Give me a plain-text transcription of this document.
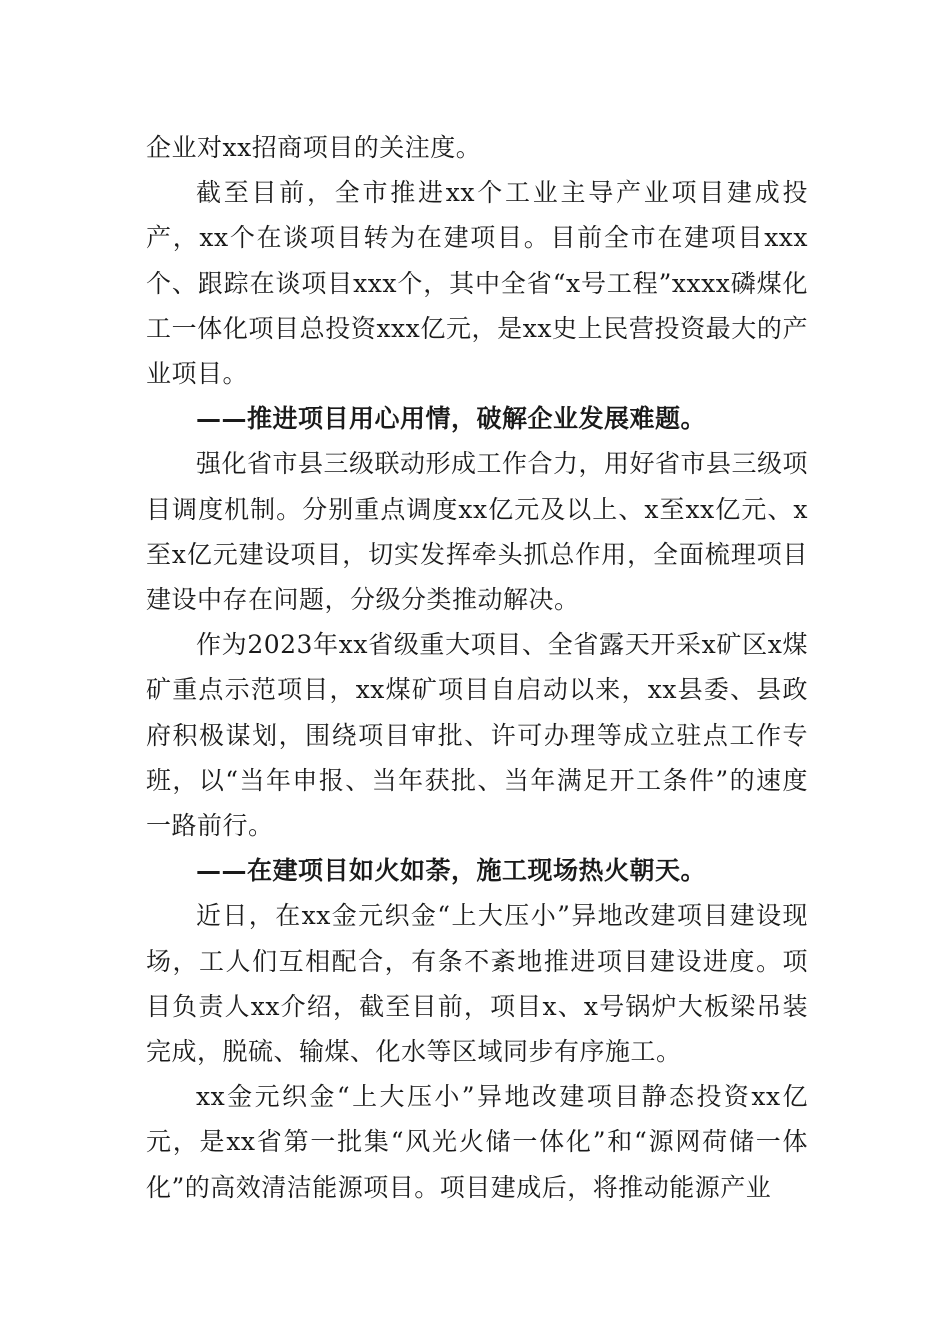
企业对xx招商项目的关注度。

截至目前，全市推进xx个工业主导产业项目建成投产，xx个在谈项目转为在建项目。目前全市在建项目xxx个、跟踪在谈项目xxx个，其中全省“x号工程”xxxx磷煤化工一体化项目总投资xxx亿元，是xx史上民营投资最大的产业项目。

——推进项目用心用情，破解企业发展难题。

强化省市县三级联动形成工作合力，用好省市县三级项目调度机制。分别重点调度xx亿元及以上、x至xx亿元、x至x亿元建设项目，切实发挥牵头抓总作用，全面梳理项目建设中存在问题，分级分类推动解决。

作为2023年xx省级重大项目、全省露天开采x矿区x煤矿重点示范项目，xx煤矿项目自启动以来，xx县委、县政府积极谋划，围绕项目审批、许可办理等成立驻点工作专班，以“当年申报、当年获批、当年满足开工条件”的速度一路前行。

——在建项目如火如荼，施工现场热火朝天。

近日，在xx金元织金“上大压小”异地改建项目建设现场，工人们互相配合，有条不紊地推进项目建设进度。项目负责人xx介绍，截至目前，项目x、x号锅炉大板梁吊装完成，脱硫、输煤、化水等区域同步有序施工。

xx金元织金“上大压小”异地改建项目静态投资xx亿元，是xx省第一批集“风光火储一体化”和“源网荷储一体化”的高效清洁能源项目。项目建成后，将推动能源产业
